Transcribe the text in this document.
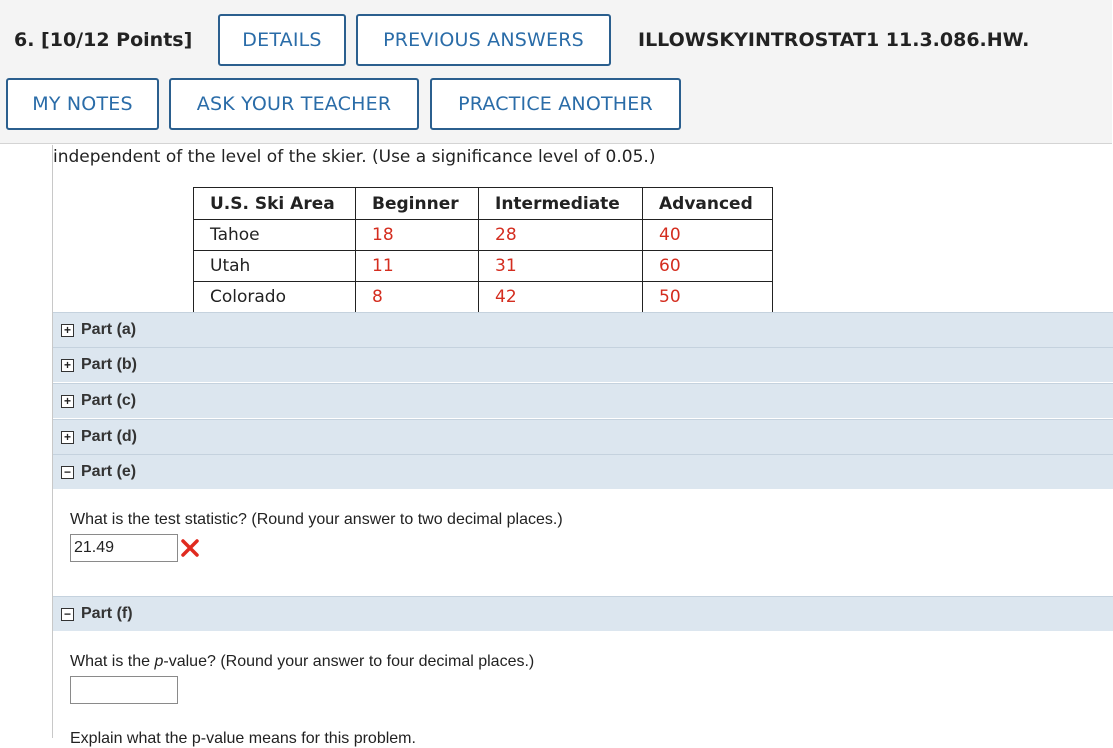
6. [10/12 Points]	DETAILS	PREVIOUS ANSWERS	ILLOWSKYINTROSTAT1 11.3.086.HW.
MY NOTES	ASK YOUR TEACHER	PRACTICE ANOTHER
independent of the level of the skier. (Use a significance level of 0.05.)
U.S. Ski Area	Beginner	Intermediate	Advanced
Tahoe	18	28	40
Utah	11	31	60
Colorado	8	42	50
+ Part (a)
+ Part (b)
+ Part (c)
+ Part (d)
− Part (e)
What is the test statistic? (Round your answer to two decimal places.)
21.49
− Part (f)
What is the p-value? (Round your answer to four decimal places.)
Explain what the p-value means for this problem.
